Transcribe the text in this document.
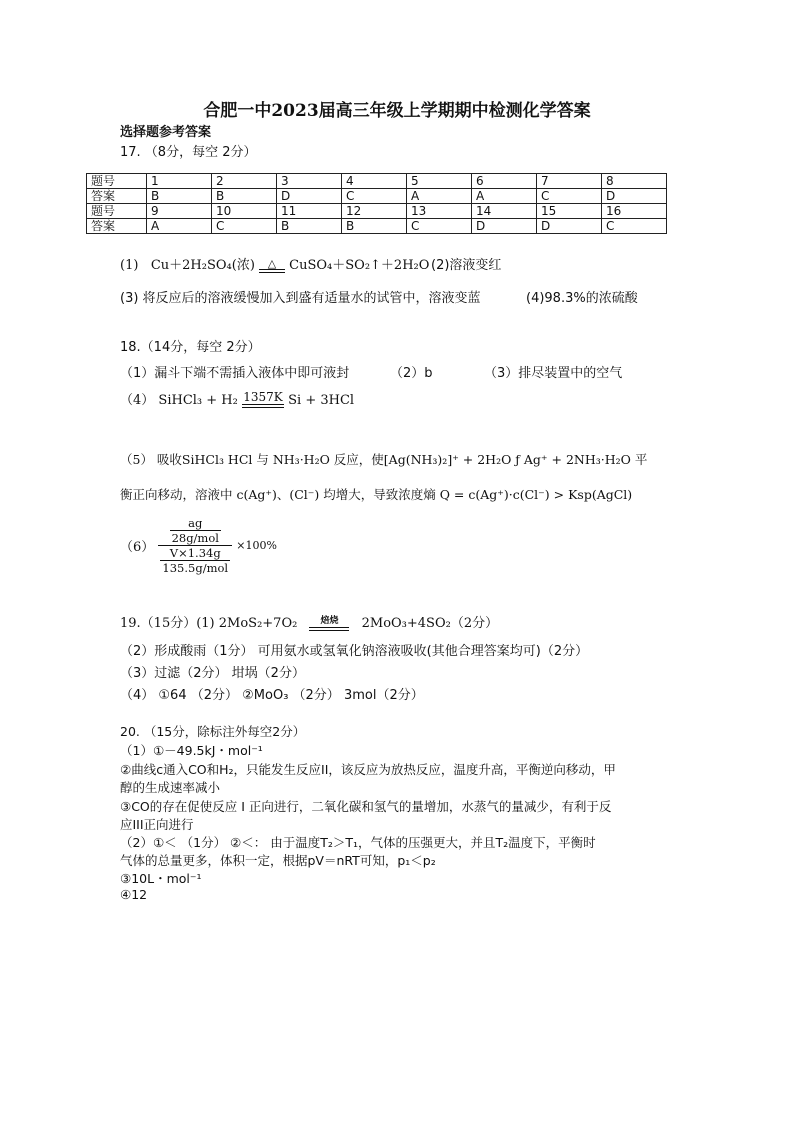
合肥一中2023届高三年级上学期期中检测化学答案
选择题参考答案
17. （8分，每空 2分）
题号	1	2	3	4	5	6	7	8
答案	B	B	D	C	A	A	C	D
题号	9	10	11	12	13	14	15	16
答案	A	C	B	B	C	D	D	C
(1) Cu＋2H₂SO₄(浓)	△ CuSO₄＋SO₂↑＋2H₂O (2)溶液变红
(3) 将反应后的溶液缓慢加入到盛有适量水的试管中，溶液变蓝	(4)98.3%的浓硫酸
18.（14分，每空 2分）
（1）漏斗下端不需插入液体中即可液封	（2）b	（3）排尽装置中的空气
（4） SiHCl₃ + H₂ 1357K Si + 3HCl
（5） 吸收SiHCl₃ HCl 与 NH₃·H₂O 反应，使[Ag(NH₃)₂]⁺ + 2H₂O ƒ Ag⁺ + 2NH₃·H₂O 平
衡正向移动，溶液中 c(Ag⁺)、(Cl⁻) 均增大，导致浓度熵 Q = c(Ag⁺)·c(Cl⁻) > Ksp(AgCl)
$(6) \frac{\frac{ag}{\text{28g/mol}}}{\frac{V\times 1.34g}{\text{135.5g/mol}}} \times 100\%$
19.（15分）(1) 2MoS₂+7O₂	焙烧	2MoO₃+4SO₂（2分）
（2）形成酸雨（1分） 可用氨水或氢氧化钠溶液吸收(其他合理答案均可)（2分）
（3）过滤（2分） 坩埚（2分）
（4） ①64 （2分） ②MoO₃ （2分） 3mol（2分）
20. （15分，除标注外每空2分）
（1）①－49.5kJ・mol⁻¹
②曲线c通入CO和H₂，只能发生反应II，该反应为放热反应，温度升高，平衡逆向移动，甲
醇的生成速率减小
③CO的存在促使反应 I 正向进行，二氧化碳和氢气的量增加，水蒸气的量减少，有利于反
应III正向进行
（2）①＜ （1分） ②＜： 由于温度T₂＞T₁，气体的压强更大，并且T₂温度下，平衡时
气体的总量更多，体积一定，根据pV＝nRT可知，p₁＜p₂
③10L・mol⁻¹
④12
